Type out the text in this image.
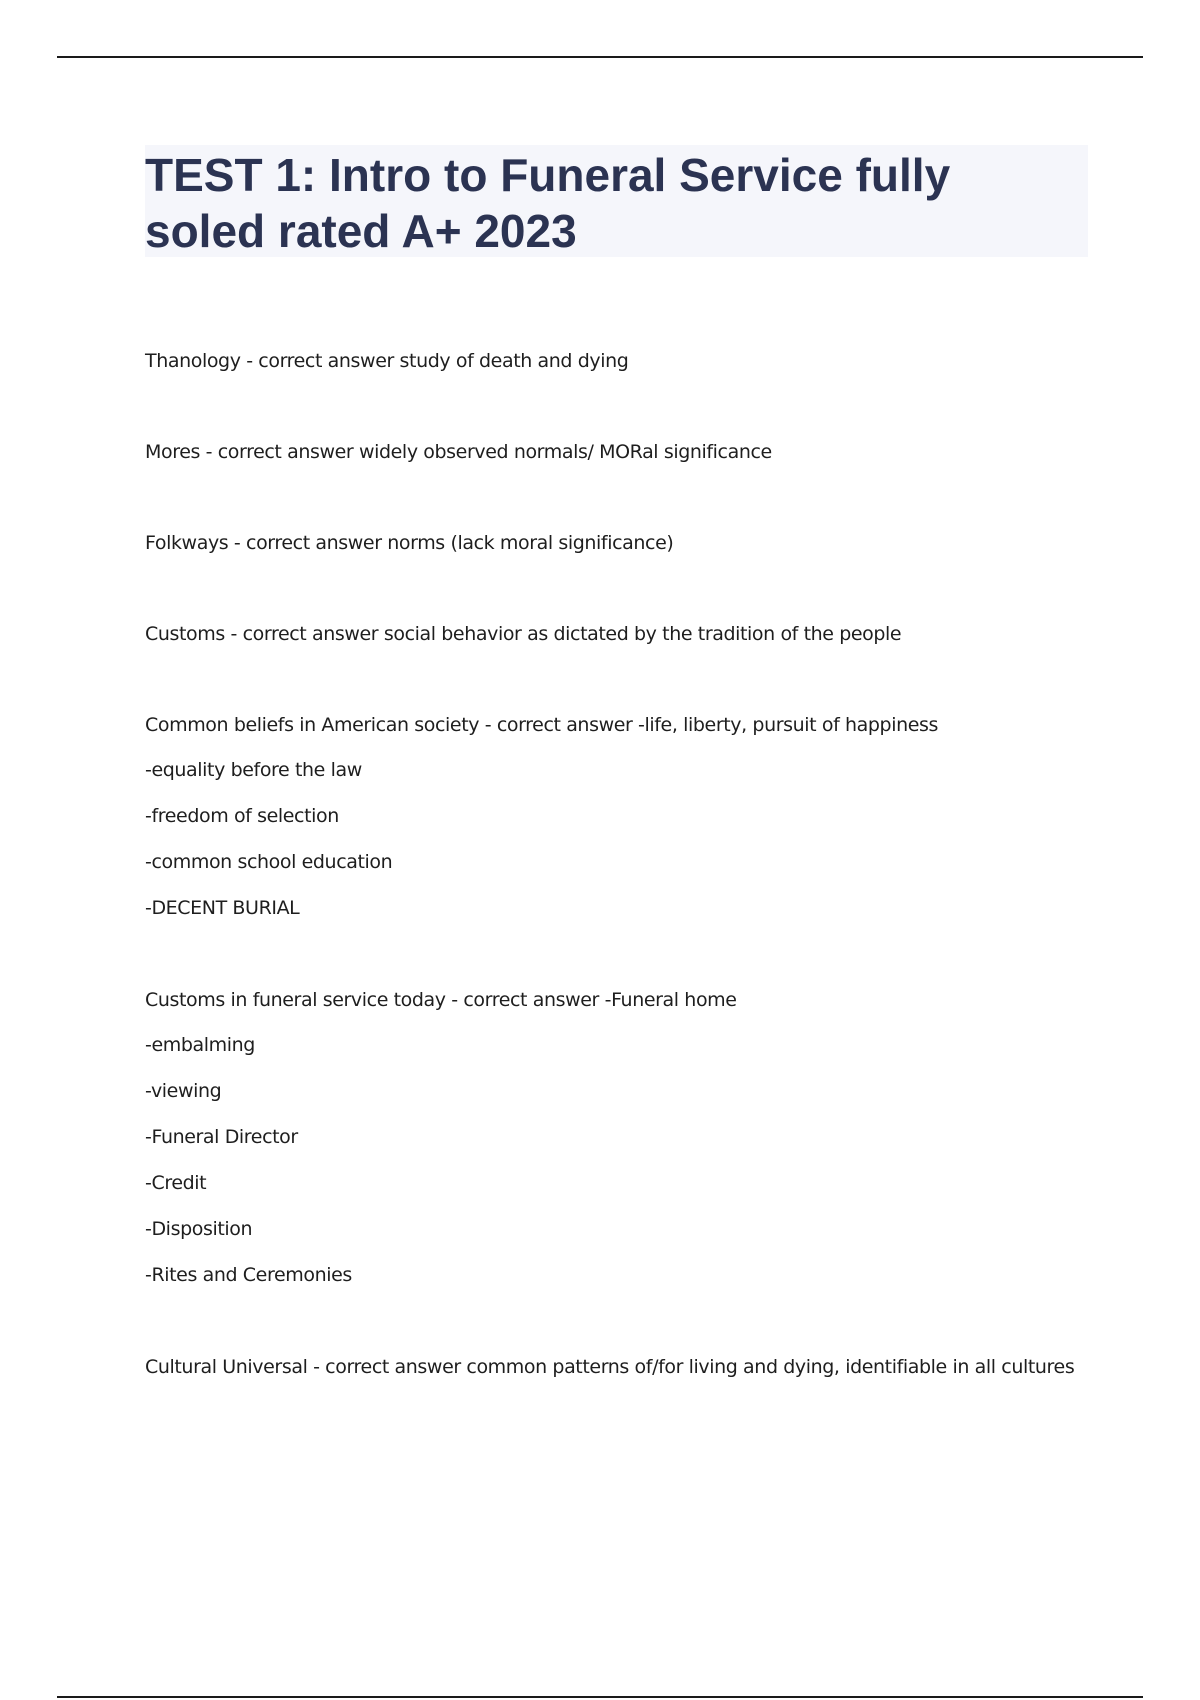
TEST 1: Intro to Funeral Service fully
soled rated A+ 2023
Thanology - correct answer study of death and dying
Mores - correct answer widely observed normals/ MORal significance
Folkways - correct answer norms (lack moral significance)
Customs - correct answer social behavior as dictated by the tradition of the people
Common beliefs in American society - correct answer -life, liberty, pursuit of happiness
-equality before the law
-freedom of selection
-common school education
-DECENT BURIAL
Customs in funeral service today - correct answer -Funeral home
-embalming
-viewing
-Funeral Director
-Credit
-Disposition
-Rites and Ceremonies
Cultural Universal - correct answer common patterns of/for living and dying, identifiable in all cultures
